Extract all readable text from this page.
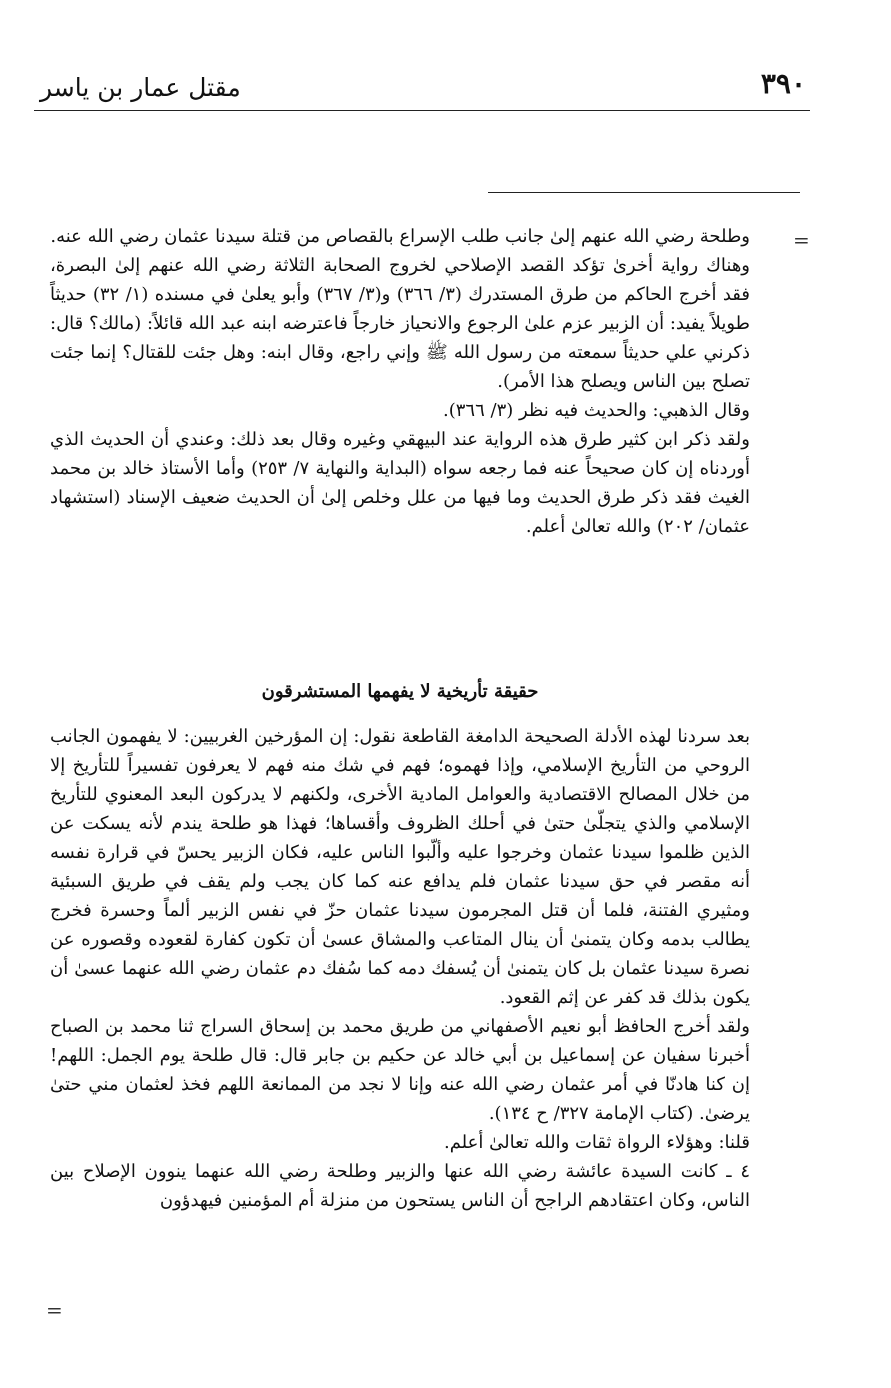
٣٩٠
مقتل عمار بن ياسر
=

وطلحة رضي الله عنهم إلىٰ جانب طلب الإسراع بالقصاص من قتلة سيدنا عثمان رضي الله عنه.

وهناك رواية أخرىٰ تؤكد القصد الإصلاحي لخروج الصحابة الثلاثة رضي الله عنهم إلىٰ البصرة، فقد أخرج الحاكم من طرق المستدرك (٣/ ٣٦٦) و(٣/ ٣٦٧) وأبو يعلىٰ في مسنده (١/ ٣٢) حديثاً طويلاً يفيد: أن الزبير عزم علىٰ الرجوع والانحياز خارجاً فاعترضه ابنه عبد الله قائلاً: (مالك؟ قال: ذكرني علي حديثاً سمعته من رسول الله ﷺ وإني راجع، وقال ابنه: وهل جئت للقتال؟ إنما جئت تصلح بين الناس ويصلح هذا الأمر).

وقال الذهبي: والحديث فيه نظر (٣/ ٣٦٦).

ولقد ذكر ابن كثير طرق هذه الرواية عند البيهقي وغيره وقال بعد ذلك: وعندي أن الحديث الذي أوردناه إن كان صحيحاً عنه فما رجعه سواه (البداية والنهاية ٧/ ٢٥٣) وأما الأستاذ خالد بن محمد الغيث فقد ذكر طرق الحديث وما فيها من علل وخلص إلىٰ أن الحديث ضعيف الإسناد (استشهاد عثمان/ ٢٠٢) والله تعالىٰ أعلم.

حقيقة تأريخية لا يفهمها المستشرقون

بعد سردنا لهذه الأدلة الصحيحة الدامغة القاطعة نقول: إن المؤرخين الغربيين: لا يفهمون الجانب الروحي من التأريخ الإسلامي، وإذا فهموه؛ فهم في شك منه فهم لا يعرفون تفسيراً للتأريخ إلا من خلال المصالح الاقتصادية والعوامل المادية الأخرى، ولكنهم لا يدركون البعد المعنوي للتأريخ الإسلامي والذي يتجلّىٰ حتىٰ في أحلك الظروف وأقساها؛ فهذا هو طلحة يندم لأنه يسكت عن الذين ظلموا سيدنا عثمان وخرجوا عليه وألّبوا الناس عليه، فكان الزبير يحسّ في قرارة نفسه أنه مقصر في حق سيدنا عثمان فلم يدافع عنه كما كان يجب ولم يقف في طريق السبئية ومثيري الفتنة، فلما أن قتل المجرمون سيدنا عثمان حزّ في نفس الزبير ألماً وحسرة فخرج يطالب بدمه وكان يتمنىٰ أن ينال المتاعب والمشاق عسىٰ أن تكون كفارة لقعوده وقصوره عن نصرة سيدنا عثمان بل كان يتمنىٰ أن يُسفك دمه كما سُفك دم عثمان رضي الله عنهما عسىٰ أن يكون بذلك قد كفر عن إثم القعود.

ولقد أخرج الحافظ أبو نعيم الأصفهاني من طريق محمد بن إسحاق السراج ثنا محمد بن الصباح أخبرنا سفيان عن إسماعيل بن أبي خالد عن حكيم بن جابر قال: قال طلحة يوم الجمل: اللهم! إن كنا هادنّا في أمر عثمان رضي الله عنه وإنا لا نجد من الممانعة اللهم فخذ لعثمان مني حتىٰ يرضىٰ. (كتاب الإمامة ٣٢٧/ ح ١٣٤).

قلنا: وهؤلاء الرواة ثقات والله تعالىٰ أعلم.

٤ ـ كانت السيدة عائشة رضي الله عنها والزبير وطلحة رضي الله عنهما ينوون الإصلاح بين الناس، وكان اعتقادهم الراجح أن الناس يستحون من منزلة أم المؤمنين فيهدؤون

=
